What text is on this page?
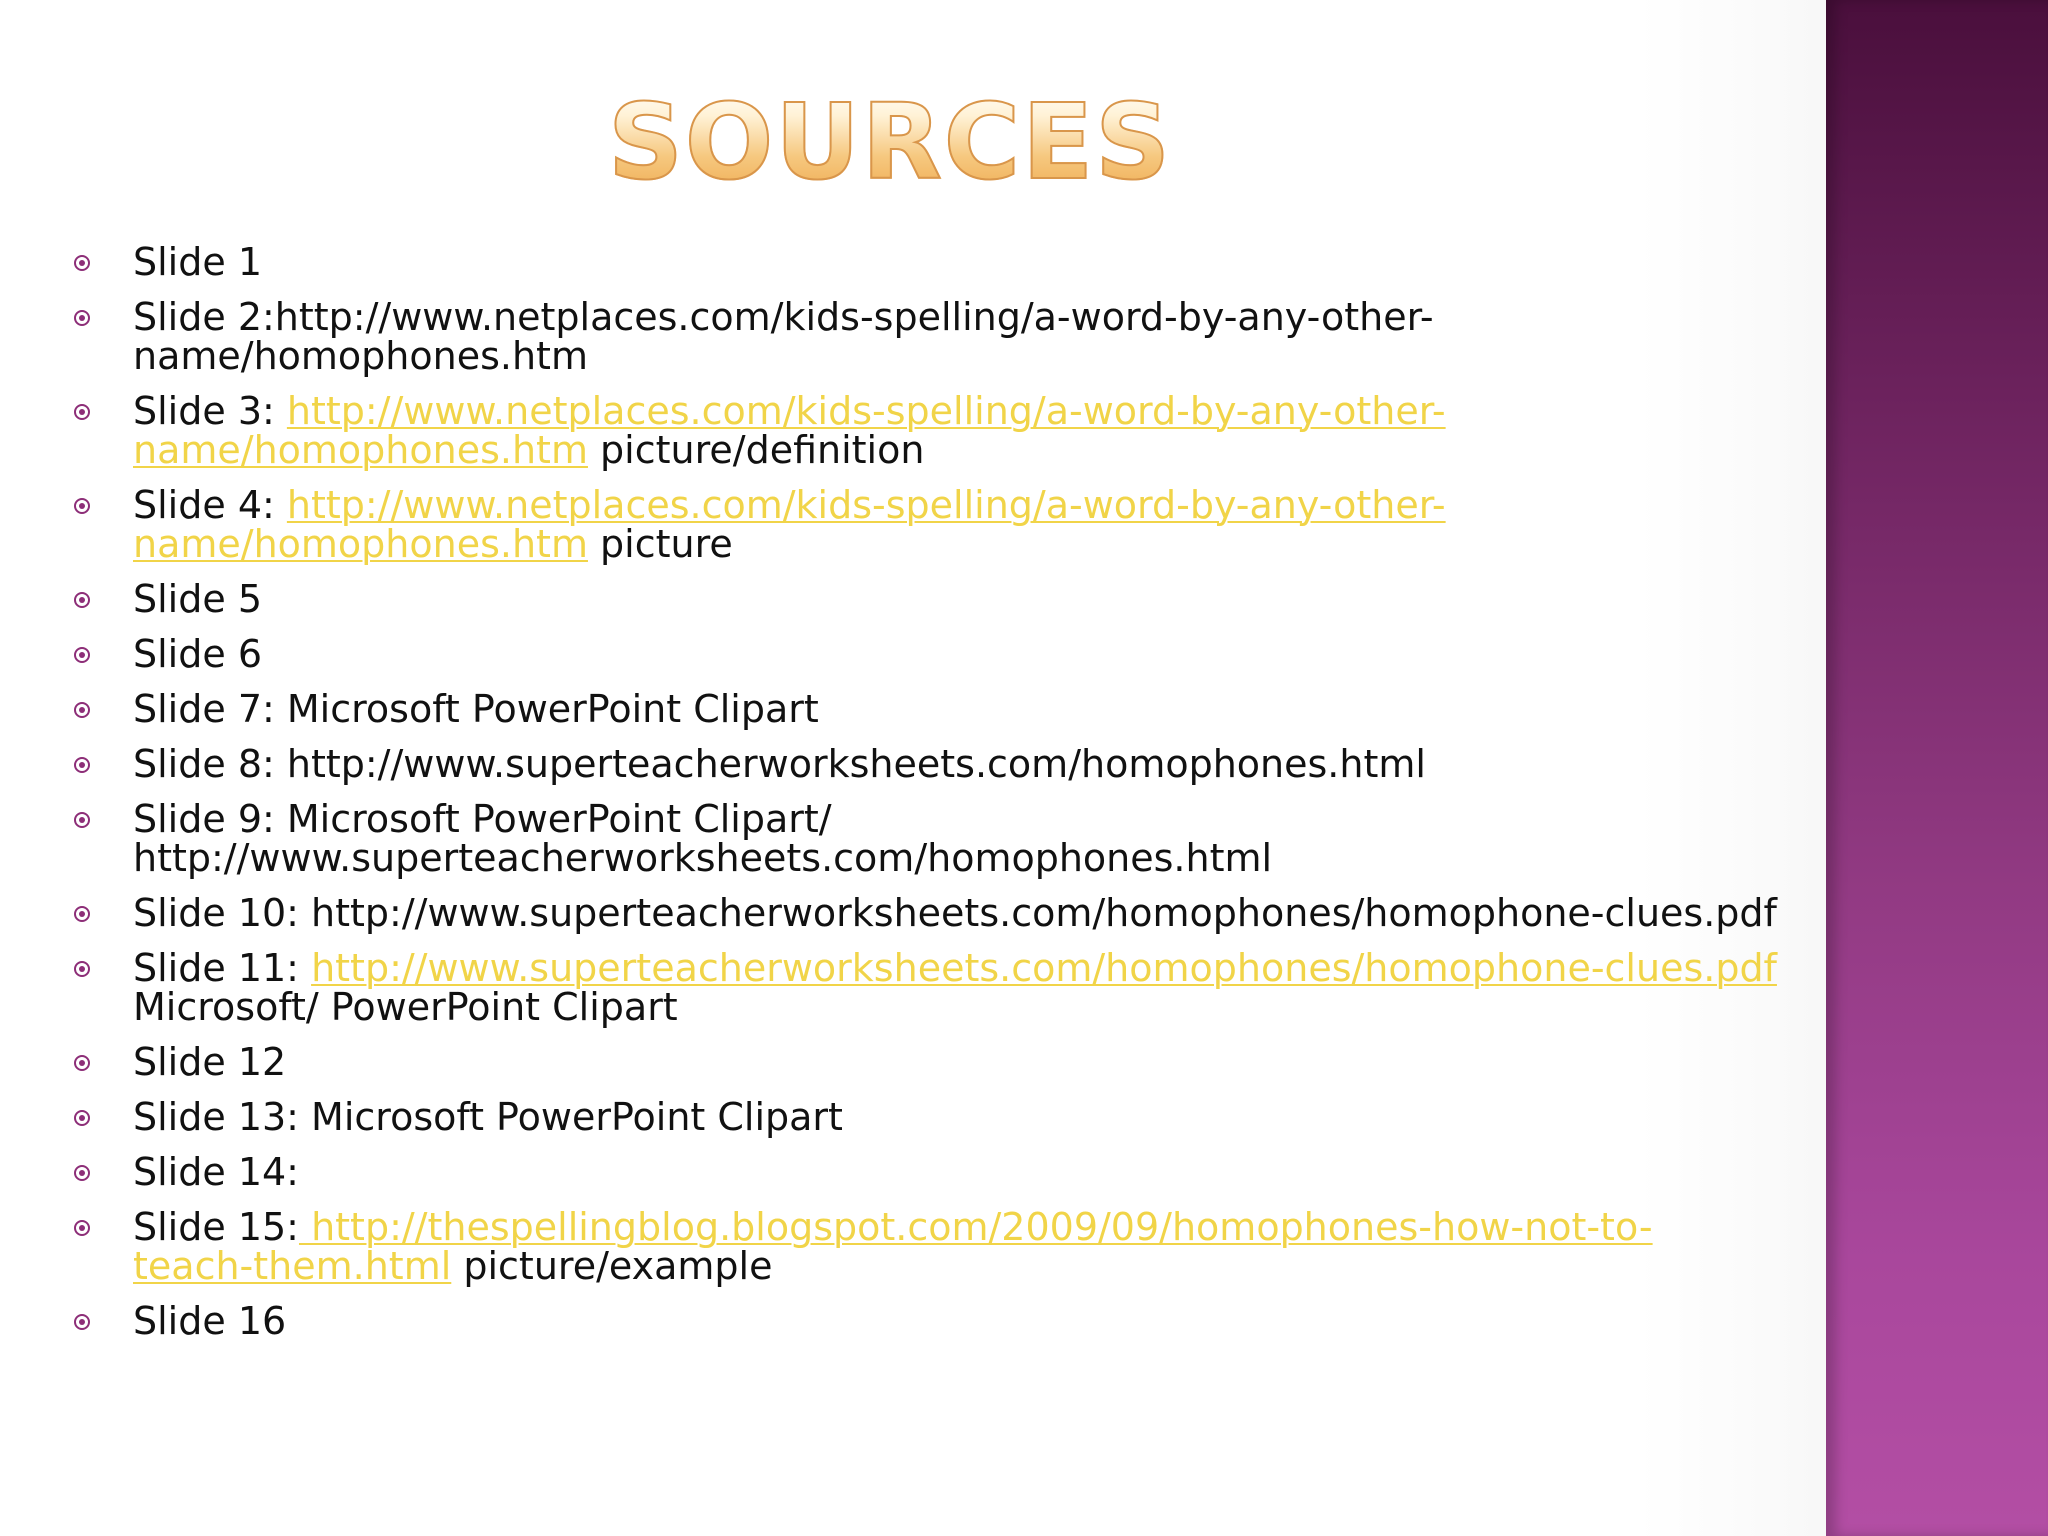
SOURCES
Slide 1
Slide 2:http://www.netplaces.com/kids-spelling/a-word-by-any-other-
name/homophones.htm
Slide 3: http://www.netplaces.com/kids-spelling/a-word-by-any-other-
name/homophones.htm picture/definition
Slide 4: http://www.netplaces.com/kids-spelling/a-word-by-any-other-
name/homophones.htm picture
Slide 5
Slide 6
Slide 7: Microsoft PowerPoint Clipart
Slide 8: http://www.superteacherworksheets.com/homophones.html
Slide 9: Microsoft PowerPoint Clipart/
http://www.superteacherworksheets.com/homophones.html
Slide 10: http://www.superteacherworksheets.com/homophones/homophone-clues.pdf
Slide 11: http://www.superteacherworksheets.com/homophones/homophone-clues.pdf
Microsoft/ PowerPoint Clipart
Slide 12
Slide 13: Microsoft PowerPoint Clipart
Slide 14:
Slide 15: http://thespellingblog.blogspot.com/2009/09/homophones-how-not-to-
teach-them.html picture/example
Slide 16
